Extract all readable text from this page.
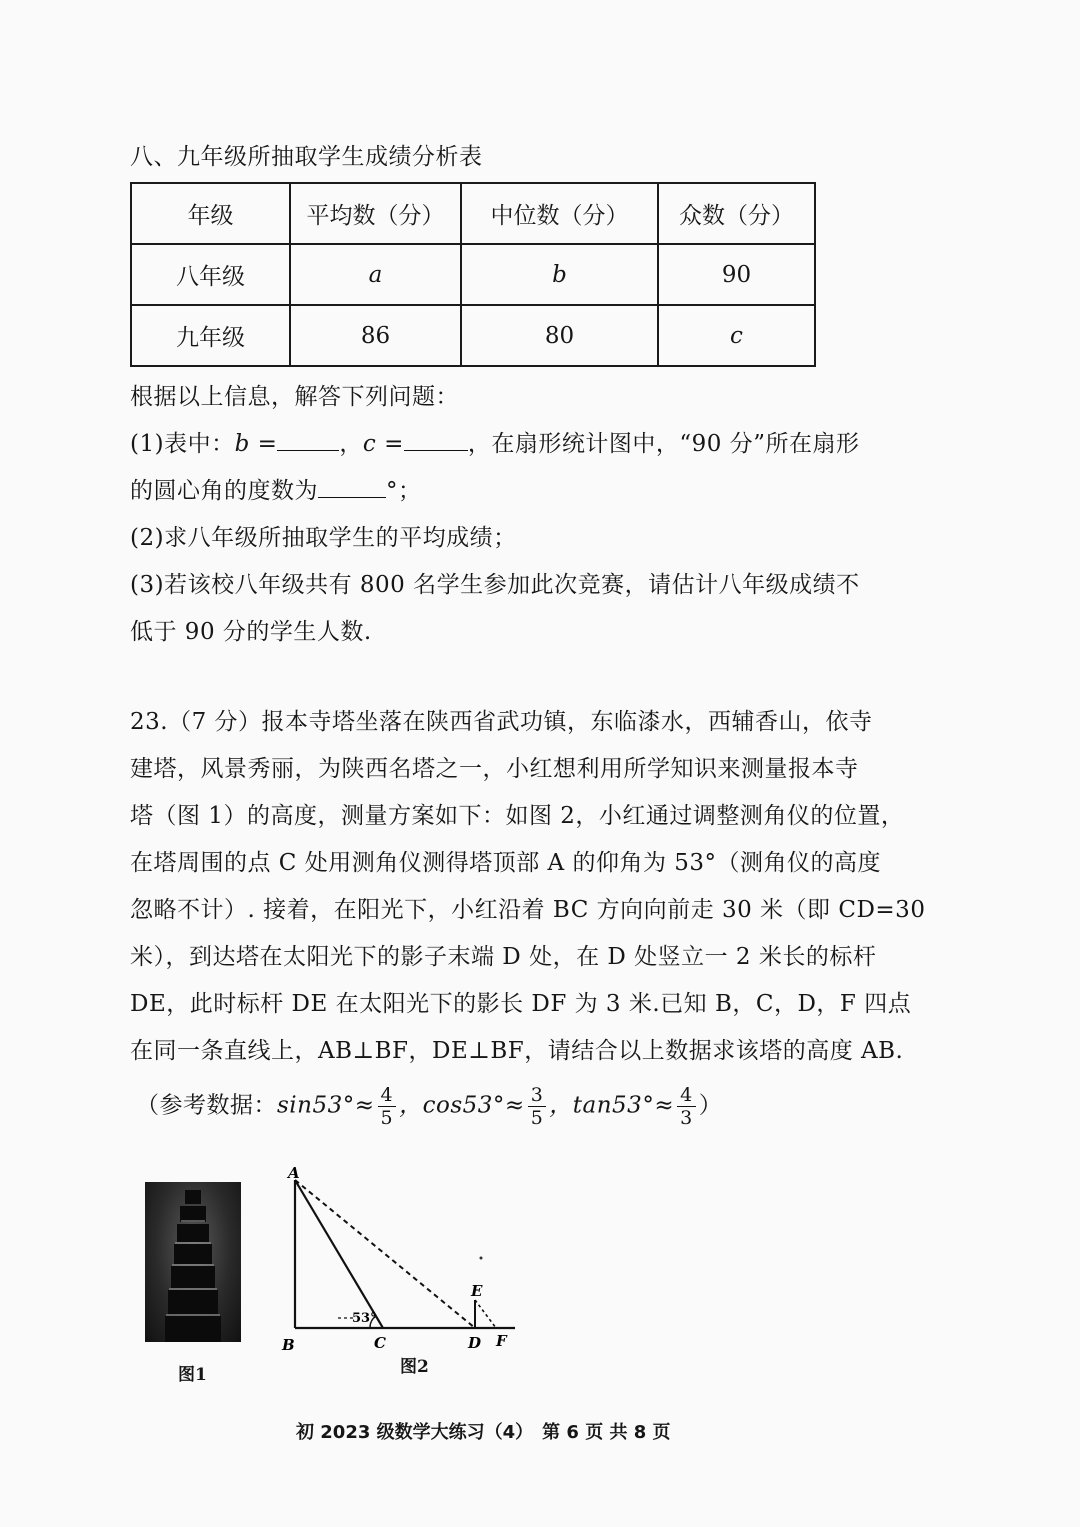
八、九年级所抽取学生成绩分析表
年级	平均数（分）	中位数（分）	众数（分）
八年级	a	b	90
九年级	86	80	c
根据以上信息，解答下列问题：
(1)表中：b =	，c =	，在扇形统计图中，“90 分”所在扇形
的圆心角的度数为	°；
(2)求八年级所抽取学生的平均成绩；
(3)若该校八年级共有 800 名学生参加此次竞赛，请估计八年级成绩不
低于 90 分的学生人数.
23.（7 分）报本寺塔坐落在陕西省武功镇，东临漆水，西辅香山，依寺
建塔，风景秀丽，为陕西名塔之一，小红想利用所学知识来测量报本寺
塔（图 1）的高度，测量方案如下：如图 2，小红通过调整测角仪的位置，
在塔周围的点 C 处用测角仪测得塔顶部 A 的仰角为 53°（测角仪的高度
忽略不计）. 接着，在阳光下，小红沿着 BC 方向向前走 30 米（即 CD=30
米），到达塔在太阳光下的影子末端 D 处，在 D 处竖立一 2 米长的标杆
DE，此时标杆 DE 在太阳光下的影长 DF 为 3 米.已知 B，C，D，F 四点
在同一条直线上，AB⊥BF，DE⊥BF，请结合以上数据求该塔的高度 AB.
（参考数据：$\sin 53^\circ\approx \frac{4}{5}$ ，$\cos 53^\circ\approx \frac{3}{5}$ ，$\tan 53^\circ\approx \frac{4}{3}$ ）
图1
A
B	C	D
E
F
53°
图2
初 2023 级数学大练习（4）　第 6 页 共 8 页
